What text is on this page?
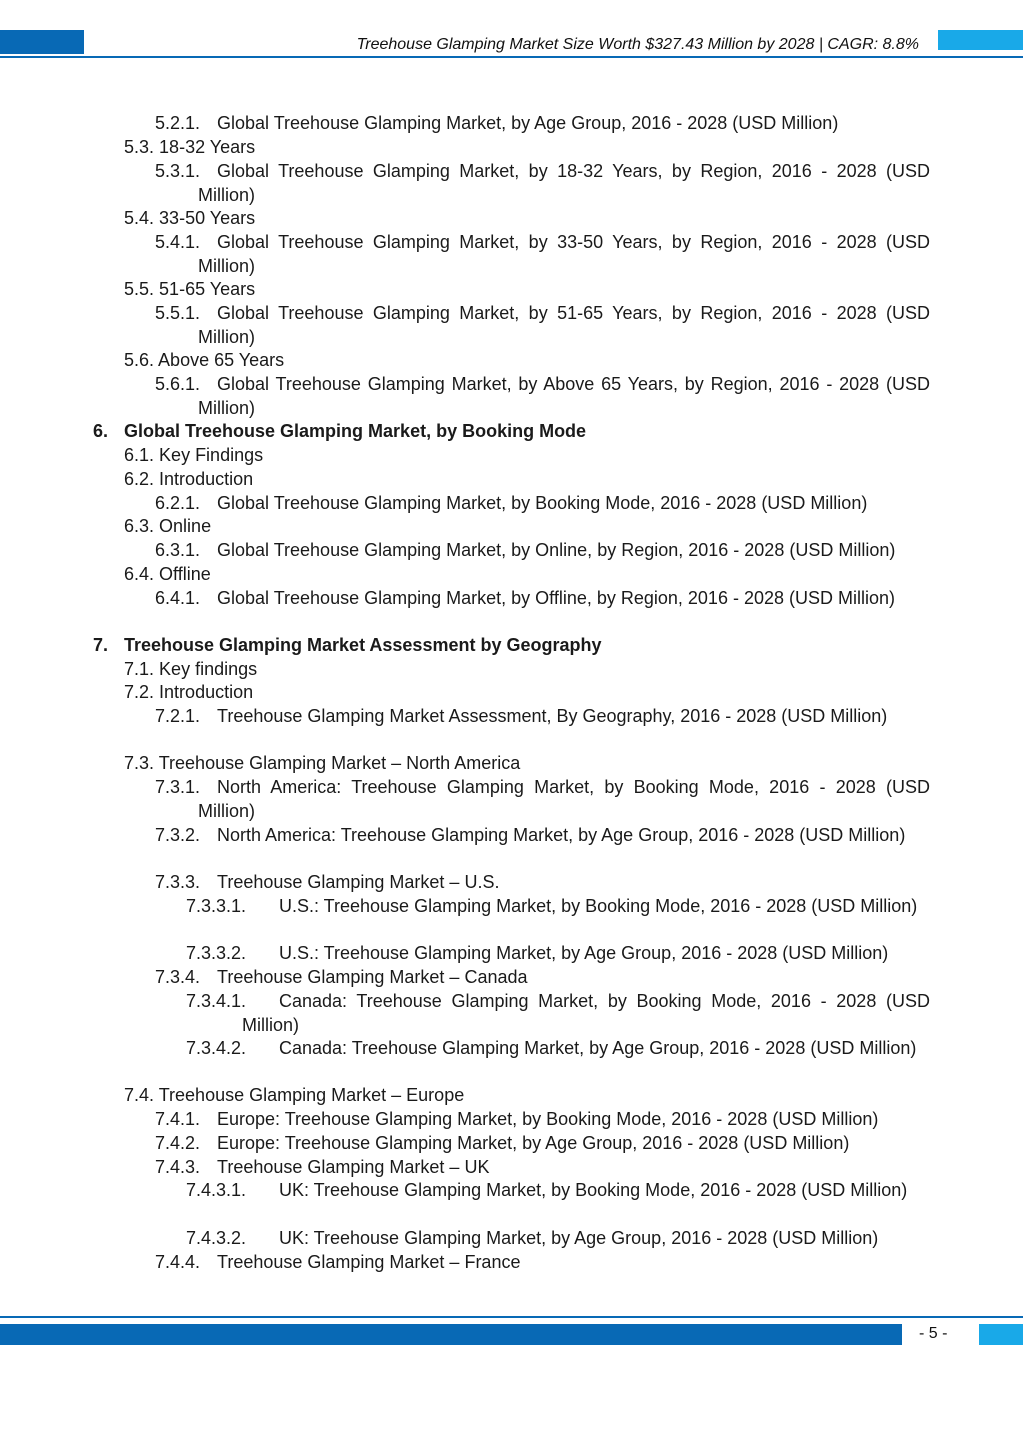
Treehouse Glamping Market Size Worth $327.43 Million by 2028 | CAGR: 8.8%
5.2.1. Global Treehouse Glamping Market, by Age Group, 2016 - 2028 (USD Million)
5.3. 18-32 Years
5.3.1. Global Treehouse Glamping Market, by 18-32 Years, by Region, 2016 - 2028 (USD Million)
5.4. 33-50 Years
5.4.1. Global Treehouse Glamping Market, by 33-50 Years, by Region, 2016 - 2028 (USD Million)
5.5. 51-65 Years
5.5.1. Global Treehouse Glamping Market, by 51-65 Years, by Region, 2016 - 2028 (USD Million)
5.6. Above 65 Years
5.6.1. Global Treehouse Glamping Market, by Above 65 Years, by Region, 2016 - 2028 (USD Million)
6. Global Treehouse Glamping Market, by Booking Mode
6.1. Key Findings
6.2. Introduction
6.2.1. Global Treehouse Glamping Market, by Booking Mode, 2016 - 2028 (USD Million)
6.3. Online
6.3.1. Global Treehouse Glamping Market, by Online, by Region, 2016 - 2028 (USD Million)
6.4. Offline
6.4.1. Global Treehouse Glamping Market, by Offline, by Region, 2016 - 2028 (USD Million)
7. Treehouse Glamping Market Assessment by Geography
7.1. Key findings
7.2. Introduction
7.2.1. Treehouse Glamping Market Assessment, By Geography, 2016 - 2028 (USD Million)
7.3. Treehouse Glamping Market – North America
7.3.1. North America: Treehouse Glamping Market, by Booking Mode, 2016 - 2028 (USD Million)
7.3.2. North America: Treehouse Glamping Market, by Age Group, 2016 - 2028 (USD Million)
7.3.3. Treehouse Glamping Market – U.S.
7.3.3.1.	U.S.: Treehouse Glamping Market, by Booking Mode, 2016 - 2028 (USD Million)
7.3.3.2.	U.S.: Treehouse Glamping Market, by Age Group, 2016 - 2028 (USD Million)
7.3.4. Treehouse Glamping Market – Canada
7.3.4.1.	Canada: Treehouse Glamping Market, by Booking Mode, 2016 - 2028 (USD Million)
7.3.4.2.	Canada: Treehouse Glamping Market, by Age Group, 2016 - 2028 (USD Million)
7.4. Treehouse Glamping Market – Europe
7.4.1. Europe: Treehouse Glamping Market, by Booking Mode, 2016 - 2028 (USD Million)
7.4.2. Europe: Treehouse Glamping Market, by Age Group, 2016 - 2028 (USD Million)
7.4.3. Treehouse Glamping Market – UK
7.4.3.1.	UK: Treehouse Glamping Market, by Booking Mode, 2016 - 2028 (USD Million)
7.4.3.2.	UK: Treehouse Glamping Market, by Age Group, 2016 - 2028 (USD Million)
7.4.4. Treehouse Glamping Market – France
- 5 -
